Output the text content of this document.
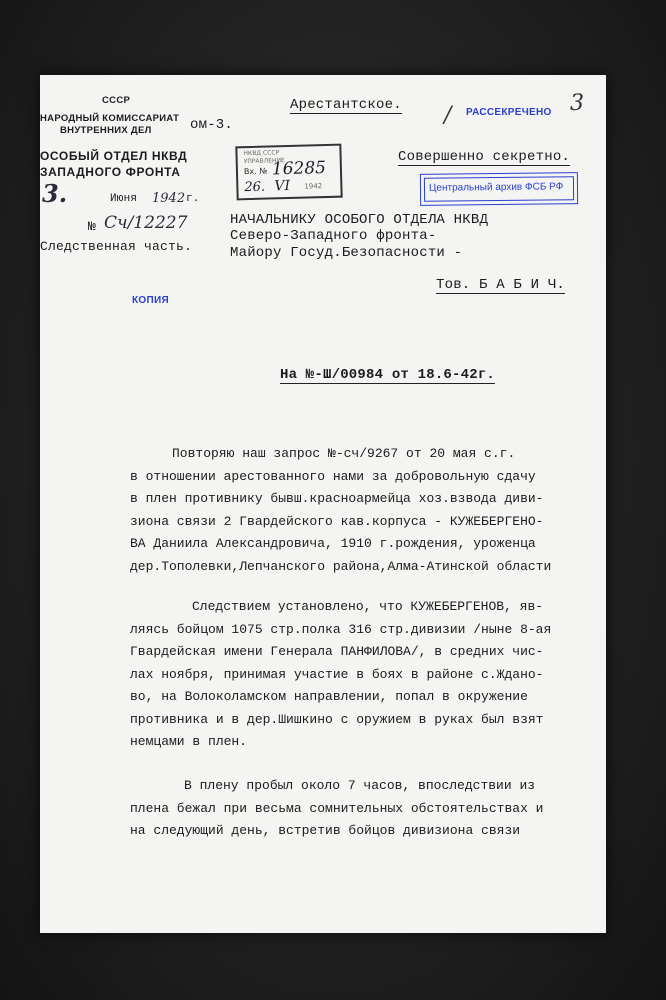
СССР
НАРОДНЫЙ КОМИССАРИАТ
ВНУТРЕННИХ ДЕЛ
ОСОБЫЙ ОТДЕЛ НКВД
ЗАПАДНОГО ФРОНТА
3.	Июня 1942 г.
№ Сч/12227
Следственная часть.
ом-3.
НКВД СССР
УПРАВЛЕНИЕ
Вх. № 16285
26. VI 1942
Арестантское. / РАССЕКРЕЧЕНО 3
Совершенно секретно.
Центральный архив ФСБ РФ
НАЧАЛЬНИКУ ОСОБОГО ОТДЕЛА НКВД
Северо-Западного фронта-
Майору Госуд.Безопасности -
Тов. Б А Б И Ч.
КОПИЯ
На №-Ш/00984 от 18.6-42г.
Повторяю наш запрос №-сч/9267 от 20 мая с.г.
в отношении арестованного нами за добровольную сдачу
в плен противнику бывш.красноармейца хоз.взвода диви-
зиона связи 2 Гвардейского кав.корпуса - КУЖЕБЕРГЕНО-
ВА Даниила Александровича, 1910 г.рождения, уроженца
дер.Тополевки,Лепчанского района,Алма-Атинской области
Следствием установлено, что КУЖЕБЕРГЕНОВ, яв-
ляясь бойцом 1075 стр.полка 316 стр.дивизии /ныне 8-ая
Гвардейская имени Генерала ПАНФИЛОВА/, в средних чис-
лах ноября, принимая участие в боях в районе с.Ждано-
во, на Волоколамском направлении, попал в окружение
противника и в дер.Шишкино с оружием в руках был взят
немцами в плен.
В плену пробыл около 7 часов, впоследствии из
плена бежал при весьма сомнительных обстоятельствах и
на следующий день, встретив бойцов дивизиона связи
